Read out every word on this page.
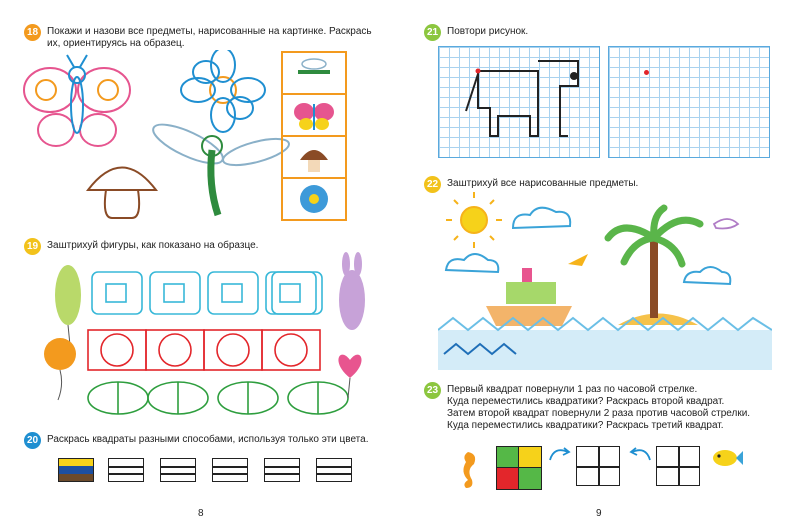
18 Покажи и назови все предметы, нарисованные на картинке. Раскрась их, ориентируясь на образец.
19 Заштрихуй фигуры, как показано на образце.
20 Раскрась квадраты разными способами, используя только эти цвета.
8
21 Повтори рисунок.
22 Заштрихуй все нарисованные предметы.
23 Первый квадрат повернули 1 раз по часовой стрелке.
Куда переместились квадратики? Раскрась второй квадрат.
Затем второй квадрат повернули 2 раза против часовой стрелки.
Куда переместились квадратики? Раскрась третий квадрат.
9
